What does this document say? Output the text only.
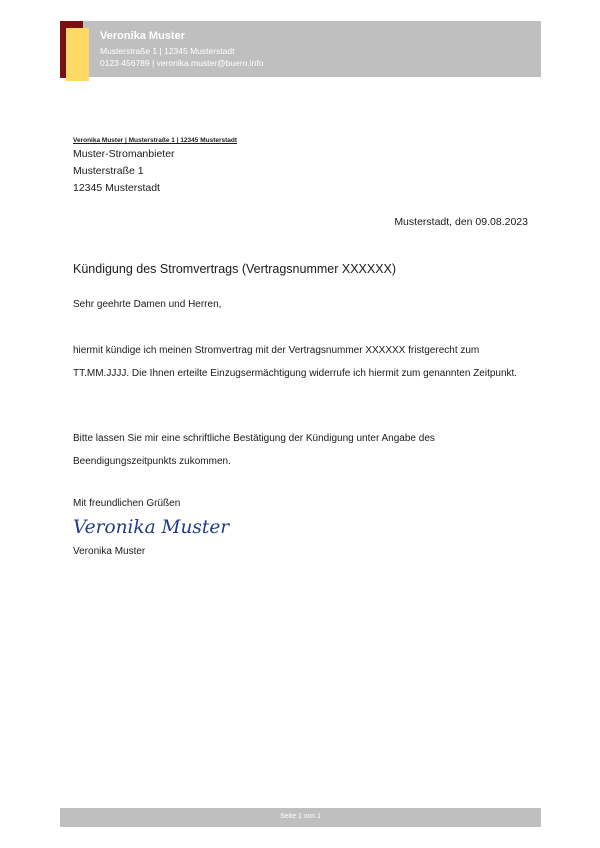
Veronika Muster
Musterstraße 1 | 12345 Musterstadt
0123 456789 | veronika.muster@buero.info
Veronika Muster | Musterstraße 1 | 12345 Musterstadt
Muster-Stromanbieter
Musterstraße 1
12345 Musterstadt
Musterstadt, den 09.08.2023
Kündigung des Stromvertrags (Vertragsnummer XXXXXX)
Sehr geehrte Damen und Herren,
hiermit kündige ich meinen Stromvertrag mit der Vertragsnummer XXXXXX fristgerecht zum TT.MM.JJJJ. Die Ihnen erteilte Einzugsermächtigung widerrufe ich hiermit zum genannten Zeitpunkt.
Bitte lassen Sie mir eine schriftliche Bestätigung der Kündigung unter Angabe des Beendigungszeitpunkts zukommen.
Mit freundlichen Grüßen
Veronika Muster
Veronika Muster
Seite 1 von 1
